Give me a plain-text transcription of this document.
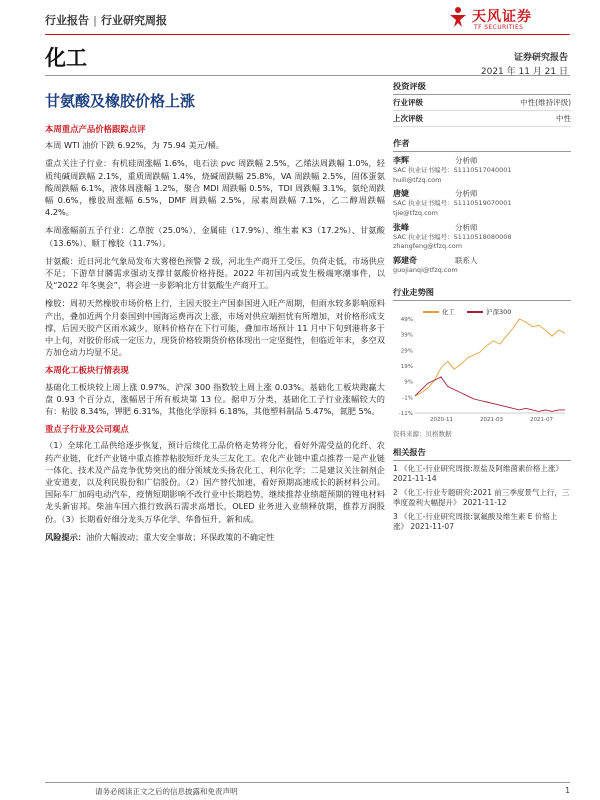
行业报告 | 行业研究周报	天风证券
TF SECURITIES
化工	证券研究报告
2021 年 11 月 21 日
甘氨酸及橡胶价格上涨
本周重点产品价格跟踪点评
本周 WTI 油价下跌 6.92%，为 75.94 美元/桶。
重点关注子行业：有机硅周涨幅 1.6%，电石法 pvc 周跌幅 2.5%，乙烯法周跌幅 1.0%，轻质纯碱周跌幅 2.1%，重质周跌幅 1.4%，烧碱周跌幅 25.8%，VA 周跌幅 2.5%，固体蛋氨酸周跌幅 6.1%，液体周涨幅 1.2%，聚合 MDI 周跌幅 0.5%，TDI 周跌幅 3.1%，氨纶周跌幅 0.6%，橡胶周涨幅 6.5%，DMF 周跌幅 2.5%，尿素周跌幅 7.1%，乙二醇周跌幅 4.2%。
本周涨幅前五子行业：乙草胺（25.0%）、金属硅（17.9%）、维生素 K3（17.2%）、甘氨酸（13.6%）、顺丁橡胶（11.7%）。
甘氨酸：近日河北气象局发布大雾橙色预警 2 级，河北生产商开工受压，负荷走低，市场供应不足；下游草甘膦需求强动支撑甘氨酸价格持挺。2022 年初国内或发生极端寒潮事件，以及“2022 年冬奥会”，将会进一步影响北方甘氨酸生产商开工。
橡胶：周初天然橡胶市场价格上行，主因天胶主产国泰国进入旺产周期，但雨水较多影响原料产出，叠加近两个月泰国到中国海运费再次上涨，市场对供应端担忧有所增加，对价格形成支撑，后因天胶产区雨水减少，原料价格存在下行可能，叠加市场预计 11 月中下旬到港将多于中上旬，对胶价形成一定压力，现货价格较期货价格体现出一定坚挺性，但临近年末，多空双方加仓动力均显不足。
本周化工板块行情表现
基础化工板块较上周上涨 0.97%，沪深 300 指数较上周上涨 0.03%。基础化工板块跑赢大盘 0.93 个百分点，涨幅居于所有板块第 13 位。据申万分类，基础化工子行业涨幅较大的有：粘胶 8.34%，钾肥 6.31%，其他化学原料 6.18%，其他塑料制品 5.47%，氮肥 5%。
重点子行业及公司观点
（1）全球化工品供给逐步恢复，预计后续化工品价格走势将分化，看好外需受益的化纤、农药产业链，化纤产业链中重点推荐粘胶短纤龙头三友化工。农化产业链中重点推荐一是产业链一体化、技术及产品竞争优势突出的细分领域龙头扬农化工、利尔化学；二是建议关注制剂企业安道麦，以及利民股份和广信股份。（2）国产替代加速，看好预期高速成长的新材料公司。国际车厂加码电动汽车，疫情短期影响不改行业中长期趋势，继续推荐业绩超预期的锂电材料龙头新宙邦。柴油车国六推行致涡石需求高增长，OLED 业务进入业绩释放期，推荐万润股份。（3）长期看好细分龙头万华化学、华鲁恒升、新和成。
风险提示：油价大幅波动；重大安全事故；环保政策的不确定性
投资评级
行业评级	中性(维持评级)
上次评级	中性
作者
李辉	分析师
SAC 执业证书编号：S1110517040001
huili@tfzq.com
唐婕	分析师
SAC 执业证书编号：S1110519070001
tjie@tfzq.com
张峰	分析师
SAC 执业证书编号：S1110518080008
zhangfeng@tfzq.com
郭建奇	联系人
guojianqi@tfzq.com
行业走势图
化工	沪深300
49%
39%
29%
19%
9%
-1%
-11%
2020-11	2021-03	2021-07
资料来源：贝格数据
相关报告
1 《化工-行业研究周报:原盐及阿维菌素价格上涨》 2021-11-14
2 《化工-行业专题研究:2021 前三季度景气上行，三季度盈利大幅提升》 2021-11-12
3 《化工-行业研究周报:氯氟酸及维生素 E 价格上涨》 2021-11-07
请务必阅读正文之后的信息披露和免责声明	1
